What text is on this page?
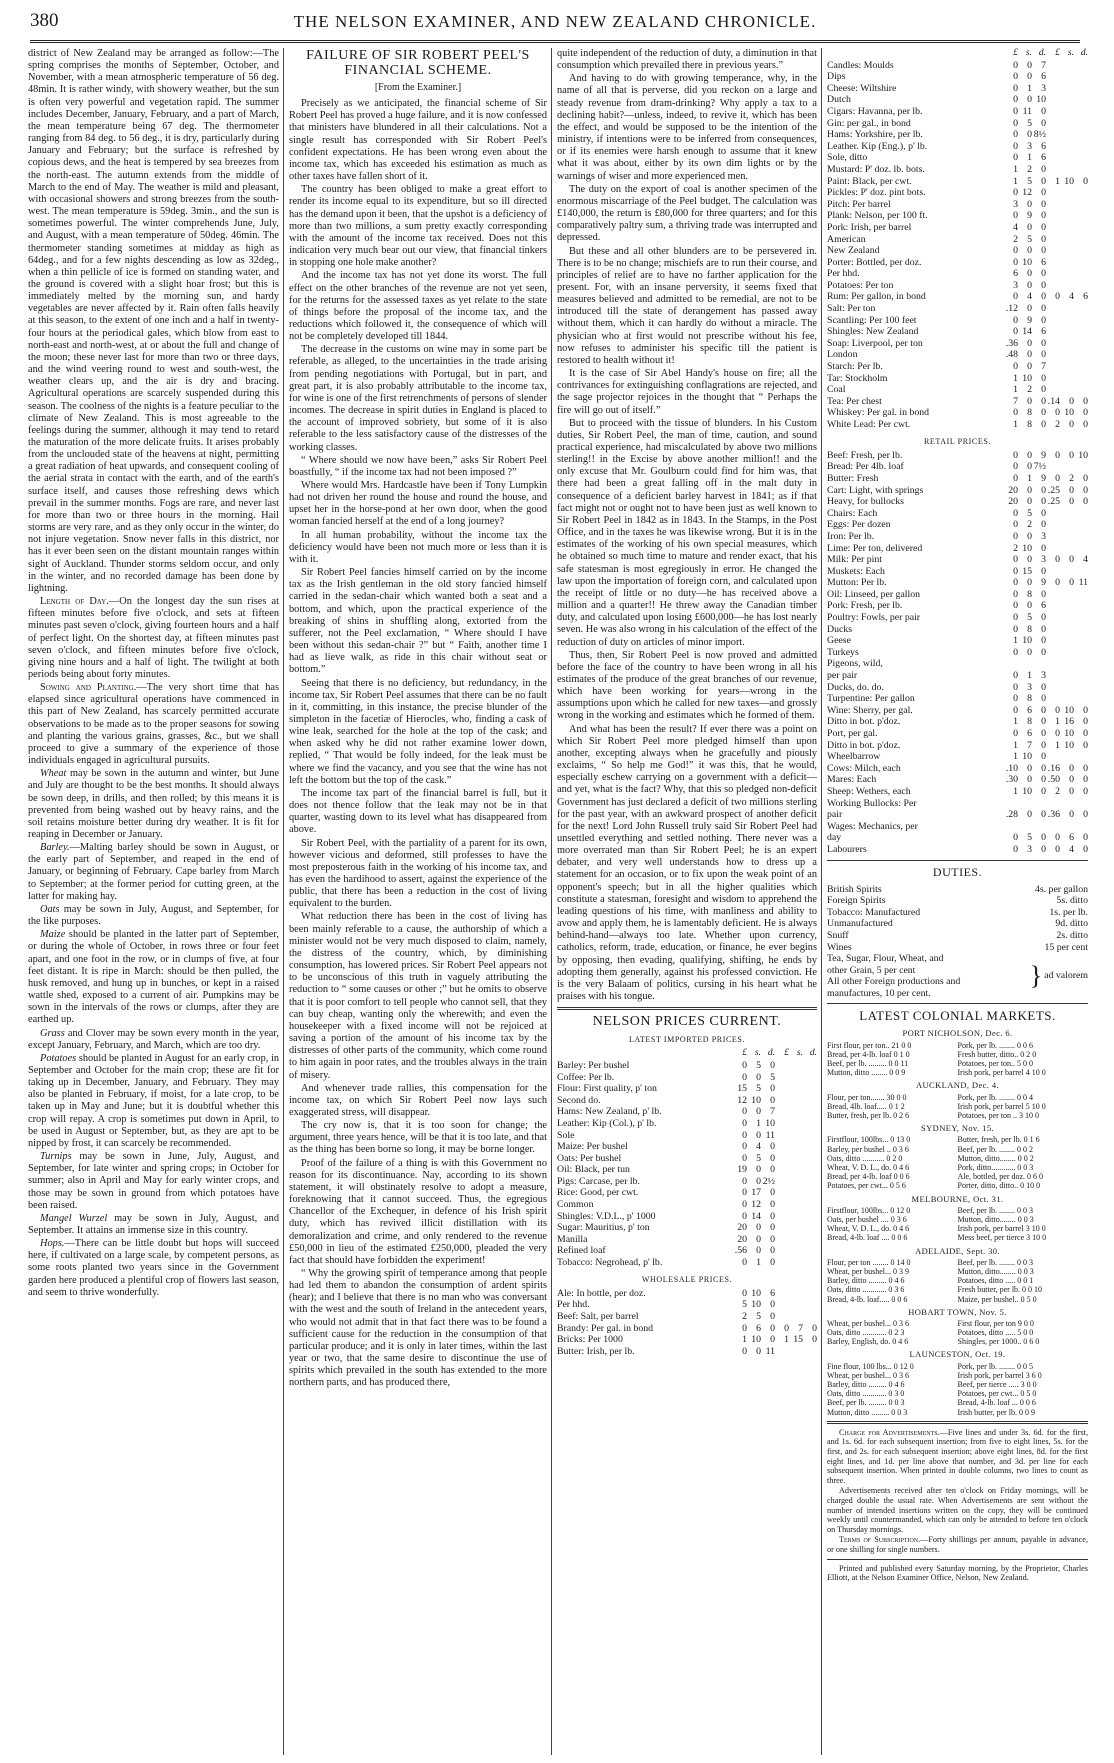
380	THE NELSON EXAMINER, AND NEW ZEALAND CHRONICLE.

district of New Zealand may be arranged as follow:—The spring comprises the months of September, October, and November, with a mean atmospheric temperature of 56 deg. 48min. It is rather windy, with showery weather, but the sun is often very powerful and vegetation rapid. The summer includes December, January, February, and a part of March, the mean temperature being 67 deg. The thermometer ranging from 84 deg. to 56 deg., it is dry, particularly during January and February; but the surface is refreshed by copious dews, and the heat is tempered by sea breezes from the north-east. The autumn extends from the middle of March to the end of May. The weather is mild and pleasant, with occasional showers and strong breezes from the south-west. The mean temperature is 59deg. 3min., and the sun is sometimes powerful. The winter comprehends June, July, and August, with a mean temperature of 50deg. 46min. The thermometer standing sometimes at midday as high as 64deg., and for a few nights descending as low as 32deg., when a thin pellicle of ice is formed on standing water, and the ground is covered with a slight hoar frost; but this is immediately melted by the morning sun, and hardy vegetables are never affected by it. Rain often falls heavily at this season, to the extent of one inch and a half in twenty-four hours at the periodical gales, which blow from east to north-east and north-west, at or about the full and change of the moon; these never last for more than two or three days, and the wind veering round to west and south-west, the weather clears up, and the air is dry and bracing. Agricultural operations are scarcely suspended during this season. The coolness of the nights is a feature peculiar to the climate of New Zealand. This is most agreeable to the feelings during the summer, although it may tend to retard the maturation of the more delicate fruits. It arises probably from the unclouded state of the heavens at night, permitting a great radiation of heat upwards, and consequent cooling of the aerial strata in contact with the earth, and of the earth's surface itself, and causes those refreshing dews which prevail in the summer months. Fogs are rare, and never last for more than two or three hours in the morning. Hail storms are very rare, and as they only occur in the winter, do not injure vegetation. Snow never falls in this district, nor has it ever been seen on the distant mountain ranges within sight of Auckland. Thunder storms seldom occur, and only in the winter, and no recorded damage has been done by lightning.

Length of Day.—On the longest day the sun rises at fifteen minutes before five o'clock, and sets at fifteen minutes past seven o'clock, giving fourteen hours and a half of perfect light. On the shortest day, at fifteen minutes past seven o'clock, and fifteen minutes before five o'clock, giving nine hours and a half of light. The twilight at both periods being about forty minutes.

Sowing and Planting.—The very short time that has elapsed since agricultural operations have commenced in this part of New Zealand, has scarcely permitted accurate observations to be made as to the proper seasons for sowing and planting the various grains, grasses, &c., but we shall proceed to give a summary of the experience of those individuals engaged in agricultural pursuits.

Wheat may be sown in the autumn and winter, but June and July are thought to be the best months. It should always be sown deep, in drills, and then rolled; by this means it is prevented from being washed out by heavy rains, and the soil retains moisture better during dry weather. It is fit for reaping in December or January.

Barley.—Malting barley should be sown in August, or the early part of September, and reaped in the end of January, or beginning of February. Cape barley from March to September; at the former period for cutting green, at the latter for making hay.

Oats may be sown in July, August, and September, for the like purposes.

Maize should be planted in the latter part of September, or during the whole of October, in rows three or four feet apart, and one foot in the row, or in clumps of five, at four feet distant. It is ripe in March: should be then pulled, the husk removed, and hung up in bunches, or kept in a raised wattle shed, exposed to a current of air. Pumpkins may be sown in the intervals of the rows or clumps, after they are earthed up.

Grass and Clover may be sown every month in the year, except January, February, and March, which are too dry.

Potatoes should be planted in August for an early crop, in September and October for the main crop; these are fit for taking up in December, January, and February. They may also be planted in February, if moist, for a late crop, to be taken up in May and June; but it is doubtful whether this crop will repay. A crop is sometimes put down in April, to be used in August or September, but, as they are apt to be nipped by frost, it can scarcely be recommended.

Turnips may be sown in June, July, August, and September, for late winter and spring crops; in October for summer; also in April and May for early winter crops, and those may be sown in ground from which potatoes have been raised.

Mangel Wurzel may be sown in July, August, and September. It attains an immense size in this country.

Hops.—There can be little doubt but hops will succeed here, if cultivated on a large scale, by competent persons, as some roots planted two years since in the Government garden here produced a plentiful crop of flowers last season, and seem to thrive wonderfully.

FAILURE OF SIR ROBERT PEEL'S FINANCIAL SCHEME.
[From the Examiner.]

Precisely as we anticipated, the financial scheme of Sir Robert Peel has proved a huge failure, and it is now confessed that ministers have blundered in all their calculations. Not a single result has corresponded with Sir Robert Peel's confident expectations. He has been wrong even about the income tax, which has exceeded his estimation as much as other taxes have fallen short of it.

The country has been obliged to make a great effort to render its income equal to its expenditure, but so ill directed has the demand upon it been, that the upshot is a deficiency of more than two millions, a sum pretty exactly corresponding with the amount of the income tax received. Does not this indication very much bear out our view, that financial tinkers in stopping one hole make another?

And the income tax has not yet done its worst. The full effect on the other branches of the revenue are not yet seen, for the returns for the assessed taxes as yet relate to the state of things before the proposal of the income tax, and the reductions which followed it, the consequence of which will not be completely developed till 1844.

The decrease in the customs on wine may in some part be referable, as alleged, to the uncertainties in the trade arising from pending negotiations with Portugal, but in part, and great part, it is also probably attributable to the income tax, for wine is one of the first retrenchments of persons of slender incomes. The decrease in spirit duties in England is placed to the account of improved sobriety, but some of it is also referable to the less satisfactory cause of the distresses of the working classes.

“ Where should we now have been,” asks Sir Robert Peel boastfully, “ if the income tax had not been imposed ?”

Where would Mrs. Hardcastle have been if Tony Lumpkin had not driven her round the house and round the house, and upset her in the horse-pond at her own door, when the good woman fancied herself at the end of a long journey?

In all human probability, without the income tax the deficiency would have been not much more or less than it is with it.

Sir Robert Peel fancies himself carried on by the income tax as the Irish gentleman in the old story fancied himself carried in the sedan-chair which wanted both a seat and a bottom, and which, upon the practical experience of the breaking of shins in shuffling along, extorted from the sufferer, not the Peel exclamation, “ Where should I have been without this sedan-chair ?” but “ Faith, another time I had as lieve walk, as ride in this chair without seat or bottom.”

Seeing that there is no deficiency, but redundancy, in the income tax, Sir Robert Peel assumes that there can be no fault in it, committing, in this instance, the precise blunder of the simpleton in the facetiæ of Hierocles, who, finding a cask of wine leak, searched for the hole at the top of the cask; and when asked why he did not rather examine lower down, replied, “ That would be folly indeed, for the leak must be where we find the vacancy, and you see that the wine has not left the bottom but the top of the cask.”

The income tax part of the financial barrel is full, but it does not thence follow that the leak may not be in that quarter, wasting down to its level what has disappeared from above.

Sir Robert Peel, with the partiality of a parent for its own, however vicious and deformed, still professes to have the most preposterous faith in the working of his income tax, and has even the hardihood to assert, against the experience of the public, that there has been a reduction in the cost of living equivalent to the burden.

What reduction there has been in the cost of living has been mainly referable to a cause, the authorship of which a minister would not be very much disposed to claim, namely, the distress of the country, which, by diminishing consumption, has lowered prices. Sir Robert Peel appears not to be unconscious of this truth in vaguely attributing the reduction to “ some causes or other ;” but he omits to observe that it is poor comfort to tell people who cannot sell, that they can buy cheap, wanting only the wherewith; and even the housekeeper with a fixed income will not be rejoiced at saving a portion of the amount of his income tax by the distresses of other parts of the community, which come round to him again in poor rates, and the troubles always in the train of misery.

And whenever trade rallies, this compensation for the income tax, on which Sir Robert Peel now lays such exaggerated stress, will disappear.

The cry now is, that it is too soon for change; the argument, three years hence, will be that it is too late, and that as the thing has been borne so long, it may be borne longer.

Proof of the failure of a thing is with this Government no reason for its discontinuance. Nay, according to its shown statement, it will obstinately resolve to adopt a measure, foreknowing that it cannot succeed. Thus, the egregious Chancellor of the Exchequer, in defence of his Irish spirit duty, which has revived illicit distillation with its demoralization and crime, and only rendered to the revenue £50,000 in lieu of the estimated £250,000, pleaded the very fact that should have forbidden the experiment!

“ Why the growing spirit of temperance among that people had led them to abandon the consumption of ardent spirits (hear); and I believe that there is no man who was conversant with the west and the south of Ireland in the antecedent years, who would not admit that in that fact there was to be found a sufficient cause for the reduction in the consumption of that particular produce; and it is only in later times, within the last year or two, that the same desire to discontinue the use of spirits which prevailed in the south has extended to the more northern parts, and has produced there,

quite independent of the reduction of duty, a diminution in that consumption which prevailed there in previous years.”

And having to do with growing temperance, why, in the name of all that is perverse, did you reckon on a large and steady revenue from dram-drinking? Why apply a tax to a declining habit?—unless, indeed, to revive it, which has been the effect, and would be supposed to be the intention of the ministry, if intentions were to be inferred from consequences, or if its enemies were harsh enough to assume that it knew what it was about, either by its own dim lights or by the warnings of wiser and more experienced men.

The duty on the export of coal is another specimen of the enormous miscarriage of the Peel budget. The calculation was £140,000, the return is £80,000 for three quarters; and for this comparatively paltry sum, a thriving trade was interrupted and depressed.

But these and all other blunders are to be persevered in. There is to be no change; mischiefs are to run their course, and principles of relief are to have no farther application for the present. For, with an insane perversity, it seems fixed that measures believed and admitted to be remedial, are not to be introduced till the state of derangement has passed away without them, which it can hardly do without a miracle. The physician who at first would not prescribe without his fee, now refuses to administer his specific till the patient is restored to health without it!

It is the case of Sir Abel Handy's house on fire; all the contrivances for extinguishing conflagrations are rejected, and the sage projector rejoices in the thought that “ Perhaps the fire will go out of itself.”

But to proceed with the tissue of blunders. In his Custom duties, Sir Robert Peel, the man of time, caution, and sound practical experience, had miscalculated by above two millions sterling!! in the Excise by above another million!! and the only excuse that Mr. Goulburn could find for him was, that there had been a great falling off in the malt duty in consequence of a deficient barley harvest in 1841; as if that fact might not or ought not to have been just as well known to Sir Robert Peel in 1842 as in 1843. In the Stamps, in the Post Office, and in the taxes he was likewise wrong. But it is in the estimates of the working of his own special measures, which he obtained so much time to mature and render exact, that his safe statesman is most egregiously in error. He changed the law upon the importation of foreign corn, and calculated upon the receipt of little or no duty—he has received above a million and a quarter!! He threw away the Canadian timber duty, and calculated upon losing £600,000—he has lost nearly seven. He was also wrong in his calculation of the effect of the reduction of duty on articles of minor import.

Thus, then, Sir Robert Peel is now proved and admitted before the face of the country to have been wrong in all his estimates of the produce of the great branches of our revenue, which have been working for years—wrong in the assumptions upon which he called for new taxes—and grossly wrong in the working and estimates which he formed of them.

And what has been the result? If ever there was a point on which Sir Robert Peel more pledged himself than upon another, excepting always when he gracefully and piously exclaims, “ So help me God!” it was this, that he would, especially eschew carrying on a government with a deficit—and yet, what is the fact? Why, that this so pledged non-deficit Government has just declared a deficit of two millions sterling for the past year, with an awkward prospect of another deficit for the next! Lord John Russell truly said Sir Robert Peel had unsettled everything and settled nothing. There never was a more overrated man than Sir Robert Peel; he is an expert debater, and very well understands how to dress up a statement for an occasion, or to fix upon the weak point of an opponent's speech; but in all the higher qualities which constitute a statesman, foresight and wisdom to apprehend the leading questions of his time, with manliness and ability to avow and apply them, he is lamentably deficient. He is always behind-hand—always too late. Whether upon currency, catholics, reform, trade, education, or finance, he ever begins by opposing, then evading, qualifying, shifting, he ends by adopting them generally, against his professed conviction. He is the very Balaam of politics, cursing in his heart what he praises with his tongue.

NELSON PRICES CURRENT.
LATEST IMPORTED PRICES.
	£	s.	d.	£	s.	d.
Barley: Per bushel	0	5	0			
Coffee: Per lb.	0	0	5			
Flour: First quality, p' ton	15	5	0			
Second do.	12	10	0			
Hams: New Zealand, p' lb.	0	0	7			
Leather: Kip (Col.), p' lb.	0	1	10			
Sole	0	0	11			
Maize: Per bushel	0	4	0			
Oats: Per bushel	0	5	0			
Oil: Black, per tun	19	0	0			
Pigs: Carcase, per lb.	0	0	2½			
Rice: Good, per cwt.	0	17	0			
Common	0	12	0			
Shingles: V.D.L., p' 1000	0	14	0			
Sugar: Mauritius, p' ton	20	0	0			
Manilla	20	0	0			
Refined loaf	.56	0	0			
Tobacco: Negrohead, p' lb.	0	1	0			
WHOLESALE PRICES.
Ale: In bottle, per doz.	0	10	6			
Per hhd.	5	10	0			
Beef: Salt, per barrel	2	5	0			
Brandy: Per gal. in bond	0	6	0	0	7	0
Bricks: Per 1000	1	10	0	1	15	0
Butter: Irish, per lb.	0	0	11			
	£	s.	d.	£	s.	d.
Candles: Moulds	0	0	7			
Dips	0	0	6			
Cheese: Wiltshire	0	1	3			
Dutch	0	0	10			
Cigars: Havanna, per lb.	0	11	0			
Gin: per gal., in bond	0	5	0			
Hams: Yorkshire, per lb.	0	0	8½			
Leather. Kip (Eng.), p' lb.	0	3	6			
Sole, ditto	0	1	6			
Mustard: P' doz. lb. bots.	1	2	0			
Paint: Black, per cwt.	1	5	0	1	10	0
Pickles: P' doz. pint bots.	0	12	0			
Pitch: Per barrel	3	0	0			
Plank: Nelson, per 100 ft.	0	9	0			
Pork: Irish, per barrel	4	0	0			
American	2	5	0			
New Zealand	0	0	0			
Porter: Bottled, per doz.	0	10	6			
Per hhd.	6	0	0			
Potatoes: Per ton	3	0	0			
Rum: Per gallon, in bond	0	4	0	0	4	6
Salt: Per ton	.12	0	0			
Scantling: Per 100 feet	0	9	0			
Shingles: New Zealand	0	14	6			
Soap: Liverpool, per ton	.36	0	0			
London	.48	0	0			
Starch: Per lb.	0	0	7			
Tar: Stockholm	1	10	0			
Coal	1	2	0			
Tea: Per chest	7	0	0	.14	0	0
Whiskey: Per gal. in bond	0	8	0	0	10	0
White Lead: Per cwt.	1	8	0	2	0	0
RETAIL PRICES.
Beef: Fresh, per lb.	0	0	9	0	0	10
Bread: Per 4lb. loaf	0	0	7½			
Butter: Fresh	0	1	9	0	2	0
Cart: Light, with springs	20	0	0	.25	0	0
Heavy, for bullocks	20	0	0	.25	0	0
Chairs: Each	0	5	0			
Eggs: Per dozen	0	2	0			
Iron: Per lb.	0	0	3			
Lime: Per ton, delivered	2	10	0			
Milk: Per pint	0	0	3	0	0	4
Muskets: Each	0	15	0			
Mutton: Per lb.	0	0	9	0	0	11
Oil: Linseed, per gallon	0	8	0			
Pork: Fresh, per lb.	0	0	6			
Poultry: Fowls, per pair	0	5	0			
Ducks	0	8	0			
Geese	1	10	0			
Turkeys	0	0	0			
Pigeons, wild,						
per pair	0	1	3			
Ducks, do. do.	0	3	0			
Turpentine: Per gallon	0	8	0			
Wine: Sherry, per gal.	0	6	0	0	10	0
Ditto in bot. p'doz.	1	8	0	1	16	0
Port, per gal.	0	6	0	0	10	0
Ditto in bot. p'doz.	1	7	0	1	10	0
Wheelbarrow	1	10	0			

Cows: Milch, each	.10	0	0	.16	0	0
Mares: Each	.30	0	0	.50	0	0
Sheep: Wethers, each	1	10	0	2	0	0
Working Bullocks: Per						
pair	.28	0	0	.36	0	0

Wages: Mechanics, per						
day	0	5	0	0	6	0
Labourers	0	3	0	0	4	0
DUTIES.
British Spirits	4s. per gallon
Foreign Spirits	5s. ditto
Tobacco: Manufactured	1s. per lb.
Unmanufactured	9d. ditto
Snuff	2s. ditto
Wines	15 per cent
Tea, Sugar, Flour, Wheat, and
other Grain, 5 per cent
All other Foreign productions and
manufactures, 10 per cent.
} ad valorem
LATEST COLONIAL MARKETS.
PORT NICHOLSON, Dec. 6.
First flour, per ton.. 21 0 0	Pork, per lb. ........ 0 0 6
Bread, per 4-lb. loaf 0 1 0	Fresh butter, ditto.. 0 2 0
Beef, per lb. ......... 0 0 11	Potatoes, per ton.. 5 0 0
Mutton, ditto ........ 0 0 9	Irish pork, per barrel 4 10 0
AUCKLAND, Dec. 4.
Flour, per ton....... 30 0 0	Pork, per lb. ........ 0 0 4
Bread, 4lb. loaf..... 0 1 2	Irish pork, per barrel 5 10 0
Butter, fresh, per lb. 0 2 6	Potatoes, per ton .. 3 10 0
SYDNEY, Nov. 15.
Firstflour, 100lbs... 0 13 0	Butter, fresh, per lb. 0 1 6
Barley, per bushel .. 0 3 6	Beef, per lb. ........ 0 0 2
Oats, ditto ........... 0 2 0	Mutton, ditto........ 0 0 2
Wheat, V. D. L., do. 0 4 6	Pork, ditto............ 0 0 3
Bread, per 4-lb. loaf 0 0 6	Ale, bottled, per doz. 0 6 0
Potatoes, per cwt... 0 5 6	Porter, ditto, ditto.. 0 10 0
MELBOURNE, Oct. 31.
Firstflour, 100lbs... 0 12 0	Beef, per lb. ........ 0 0 3
Oats, per bushel .... 0 3 6	Mutton, ditto........ 0 0 3
Wheat, V. D. L., do. 0 4 6	Irish pork, per barrel 3 10 0
Bread, 4-lb. loaf .... 0 0 6	Mess beef, per tierce 3 10 0
ADELAIDE, Sept. 30.
Flour, per ton ........ 0 14 0	Beef, per lb. ........ 0 0 3
Wheat, per bushel... 0 3 9	Mutton, ditto........ 0 0 3
Barley, ditto ......... 0 4 6	Potatoes, ditto ..... 0 0 1
Oats, ditto ............ 0 3 6	Fresh butter, per lb. 0 0 10
Bread, 4-lb. loaf..... 0 0 6	Maize, per bushel.. 0 5 0
HOBART TOWN, Nov. 5.
Wheat, per bushel... 0 3 6	First flour, per ton 9 0 0
Oats, ditto ............ 0 2 3	Potatoes, ditto ..... 5 0 0
Barley, English, do. 0 4 6	Shingles, per 1000.. 0 6 0
LAUNCESTON, Oct. 19.
Fine flour, 100 lbs... 0 12 0	Pork, per lb. ........ 0 0 5
Wheat, per bushel... 0 3 6	Irish pork, per barrel 3 6 0
Barley, ditto ......... 0 4 6	Beef, per tierce ..... 3 0 0
Oats, ditto ............ 0 3 0	Potatoes, per cwt... 0 5 0
Beef, per lb. ......... 0 0 3	Bread, 4-lb. loaf ... 0 0 6
Mutton, ditto ......... 0 0 3	Irish butter, per lb. 0 0 9

Charge for Advertisements.—Five lines and under 3s. 6d. for the first, and 1s. 6d. for each subsequent insertion; from five to eight lines, 5s. for the first, and 2s. for each subsequent insertion; above eight lines, 8d. for the first eight lines, and 1d. per line above that number, and 3d. per line for each subsequent insertion. When printed in double columns, two lines to count as three.

Advertisements received after ten o'clock on Friday mornings, will be charged double the usual rate. When Advertisements are sent without the number of intended insertions written on the copy, they will be continued weekly until countermanded, which can only be attended to before ten o'clock on Thursday mornings.

Terms of Subscription.—Forty shillings per annum, payable in advance, or one shilling for single numbers.

Printed and published every Saturday morning, by the Proprietor, Charles Elliott, at the Nelson Examiner Office, Nelson, New Zealand.
